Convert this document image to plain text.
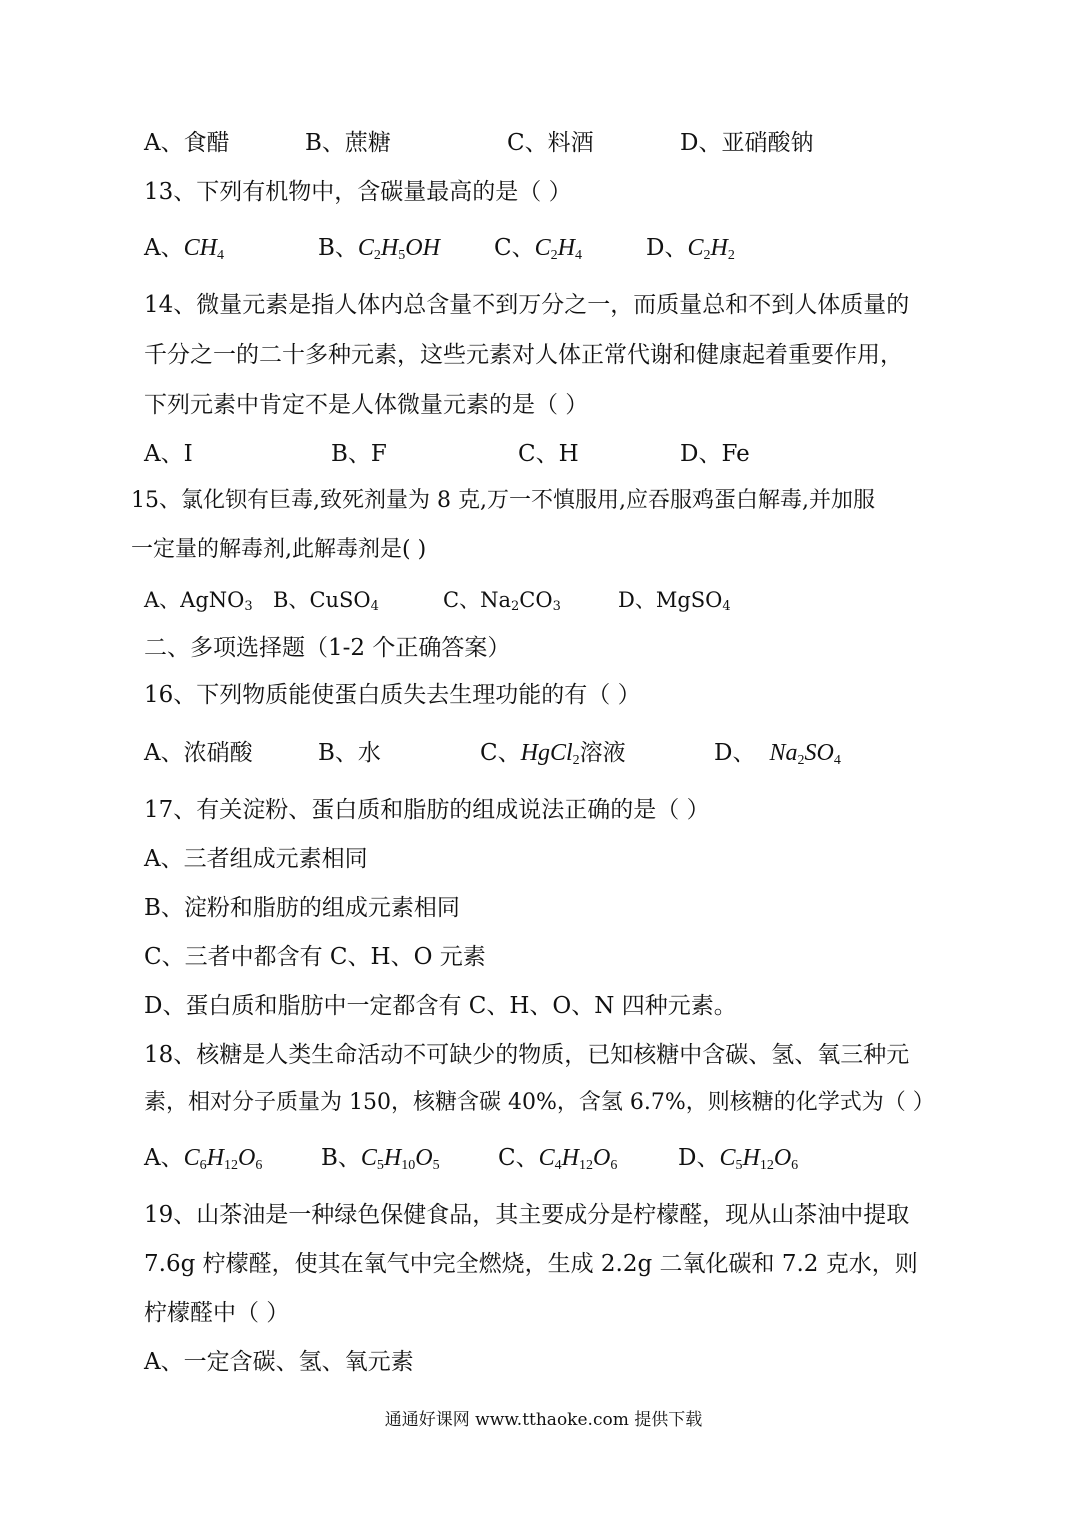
A、食醋	B、蔗糖	C、料酒	D、亚硝酸钠
13、下列有机物中，含碳量最高的是（ ）
A、$CH_4$	B、$C_2H_5OH$ C、$C_2H_4$	D、$C_2H_2$
14、微量元素是指人体内总含量不到万分之一，而质量总和不到人体质量的
千分之一的二十多种元素，这些元素对人体正常代谢和健康起着重要作用，
下列元素中肯定不是人体微量元素的是（ ）
A、I	B、F	C、H	D、Fe
15、氯化钡有巨毒,致死剂量为 8 克,万一不慎服用,应吞服鸡蛋白解毒,并加服
一定量的解毒剂,此解毒剂是( )
A、AgNO$_3$ B、CuSO$_4$	C、$Na_2CO_3$	D、MgSO$_4$
二、多项选择题（1-2 个正确答案）
16、下列物质能使蛋白质失去生理功能的有（ ）
A、浓硝酸	B、水	C、HgCl$_2$溶液	D、 $Na_2SO_4$
17、有关淀粉、蛋白质和脂肪的组成说法正确的是（ ）
A、三者组成元素相同
B、淀粉和脂肪的组成元素相同
C、三者中都含有 C、H、O 元素
D、蛋白质和脂肪中一定都含有 C、H、O、N 四种元素。
18、核糖是人类生命活动不可缺少的物质，已知核糖中含碳、氢、氧三种元
素，相对分子质量为 150，核糖含碳 40%，含氢 6.7%，则核糖的化学式为（ ）
A、$C_6H_{12}O_6$	B、$C_5H_{10}O_5$	C、$C_4H_{12}O_6$	D、$C_5H_{12}O_6$
19、山茶油是一种绿色保健食品，其主要成分是柠檬醛，现从山茶油中提取
7.6g 柠檬醛，使其在氧气中完全燃烧，生成 2.2g 二氧化碳和 7.2 克水，则
柠檬醛中（ ）
A、一定含碳、氢、氧元素
通通好课网 www.tthaoke.com 提供下载
